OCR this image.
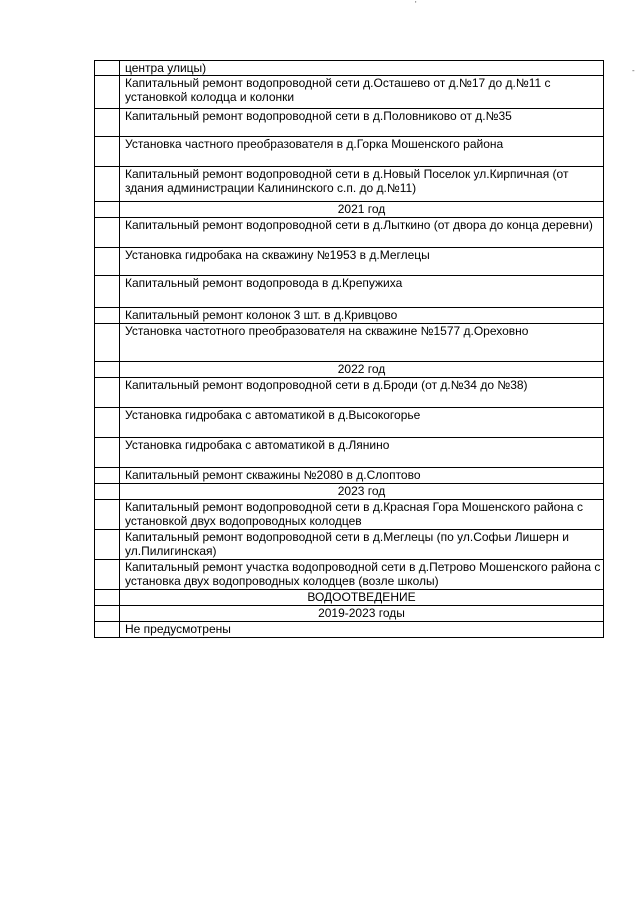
	центра улицы)
	Капитальный ремонт водопроводной сети д.Осташево от д.№17 до д.№11 с установкой колодца и колонки
	Капитальный ремонт водопроводной сети в д.Половниково от д.№35
	Установка частного преобразователя в д.Горка Мошенского района
	Капитальный ремонт водопроводной сети в д.Новый Поселок ул.Кирпичная (от здания администрации Калининского с.п. до д.№11)
	2021 год
	Капитальный ремонт водопроводной сети в д.Лыткино (от двора до конца деревни)
	Установка гидробака на скважину №1953 в д.Меглецы
	Капитальный ремонт водопровода в д.Крепужиха
	Капитальный ремонт колонок 3 шт. в д.Кривцово
	Установка частотного преобразователя на скважине №1577 д.Ореховно
	2022 год
	Капитальный ремонт водопроводной сети в д.Броди (от д.№34 до №38)
	Установка гидробака с автоматикой в д.Высокогорье
	Установка гидробака с автоматикой в д.Лянино
	Капитальный ремонт скважины №2080 в д.Слоптово
	2023 год
	Капитальный ремонт водопроводной сети в д.Красная Гора Мошенского района с установкой двух водопроводных колодцев
	Капитальный ремонт водопроводной сети в д.Меглецы (по ул.Софьи Лишерн и ул.Пилигинская)
	Капитальный ремонт участка водопроводной сети в д.Петрово Мошенского района с установка двух водопроводных колодцев (возле школы)
	ВОДООТВЕДЕНИЕ
	2019-2023 годы
	Не предусмотрены
'
-
